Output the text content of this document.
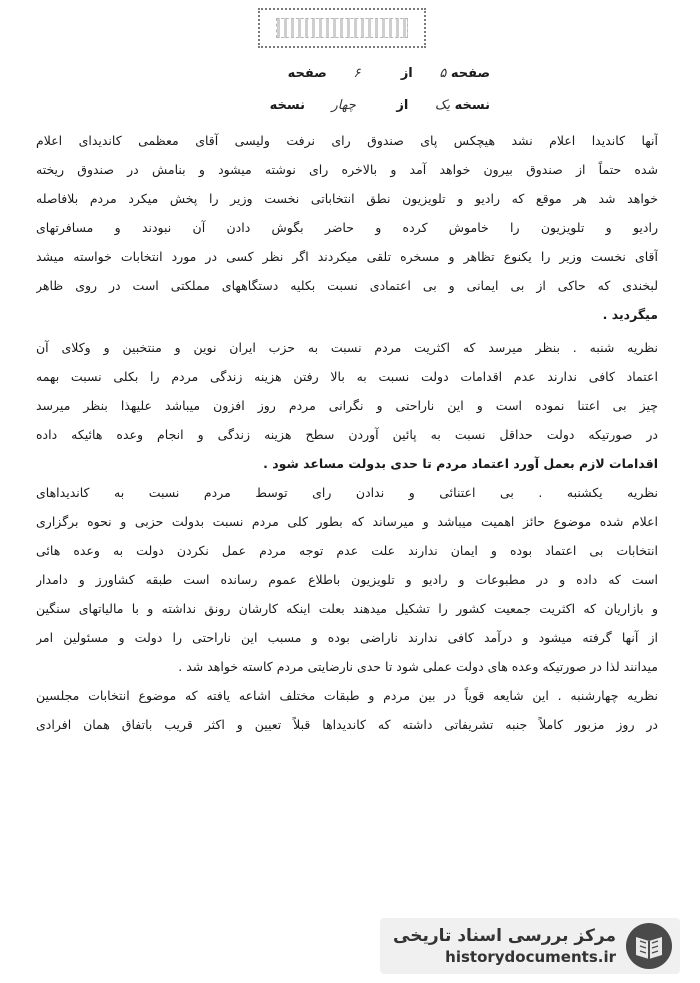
صفحه ۵ از ۶ صفحه
نسخه یک از چهار نسخه
آنها کاندیدا اعلام نشد هیچکس پای صندوق رای نرفت ولیسی آقای معظمی کاندیدای اعلام
شده حتماً از صندوق بیرون خواهد آمد و بالاخره رای نوشته میشود و بنامش در صندوق ریخته
خواهد شد هر موقع که رادیو و تلویزیون نطق انتخاباتی نخست وزیر را پخش میکرد مردم بلافاصله
رادیو و تلویزیون را خاموش کرده و حاضر بگوش دادن آن نبودند و مسافرتهای
آقای نخست وزیر را یکنوع تظاهر و مسخره تلقی میکردند اگر نظر کسی در مورد انتخابات خواسته میشد
لبخندی که حاکی از بی ایمانی و بی اعتمادی نسبت بکلیه دستگاههای مملکتی است در روی ظاهر
میگردید .
نظریه شنبه . بنظر میرسد که اکثریت مردم نسبت به حزب ایران نوین و منتخبین و وکلای آن
اعتماد کافی ندارند عدم اقدامات دولت نسبت به بالا رفتن هزینه زندگی مردم را بکلی نسبت بهمه
چیز بی اعتنا نموده است و این ناراحتی و نگرانی مردم روز افزون میباشد علیهذا بنظر میرسد
در صورتیکه دولت حداقل نسبت به پائین آوردن سطح هزینه زندگی و انجام وعده هائیکه داده
اقدامات لازم بعمل آورد اعتماد مردم تا حدی بدولت مساعد شود .
نظریه یکشنبه . بی اعتنائی و ندادن رای توسط مردم نسبت به کاندیداهای
اعلام شده موضوع حائز اهمیت میباشد و میرساند که بطور کلی مردم نسبت بدولت حزبی و نحوه برگزاری
انتخابات بی اعتماد بوده و ایمان ندارند علت عدم توجه مردم عمل نکردن دولت به وعده هائی
است که داده و در مطبوعات و رادیو و تلویزیون باطلاع عموم رسانده است طبقه کشاورز و دامدار
و بازاریان که اکثریت جمعیت کشور را تشکیل میدهند بعلت اینکه کارشان رونق نداشته و با مالیاتهای سنگین
از آنها گرفته میشود و درآمد کافی ندارند ناراضی بوده و مسبب این ناراحتی را دولت و مسئولین امر
میدانند لذا در صورتیکه وعده های دولت عملی شود تا حدی نارضایتی مردم کاسته خواهد شد .
نظریه چهارشنبه . این شایعه قویاً در بین مردم و طبقات مختلف اشاعه یافته که موضوع انتخابات مجلسین
در روز مزبور کاملاً جنبه تشریفاتی داشته که کاندیداها قبلاً تعیین و اکثر قریب باتفاق همان افرادی
مرکز بررسی اسناد تاریخی
historydocuments.ir
